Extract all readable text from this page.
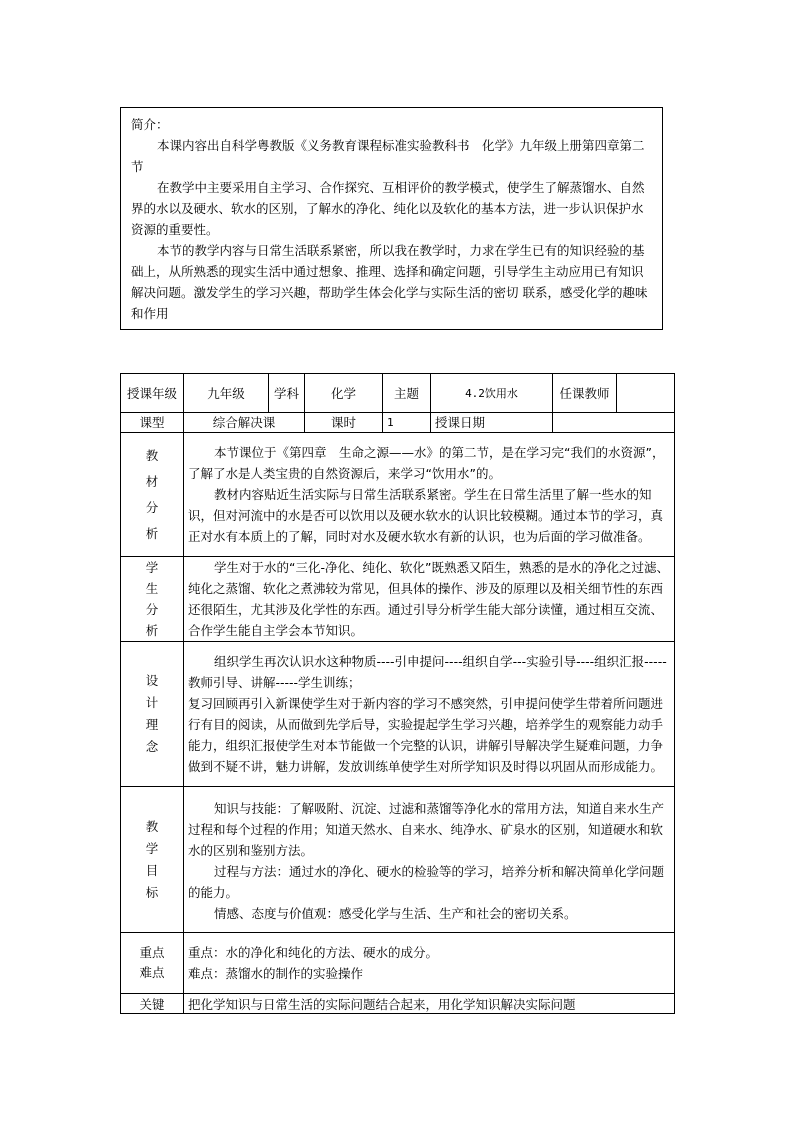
简介：

本课内容出自科学粤教版《义务教育课程标准实验教科书　化学》九年级上册第四章第二节

在教学中主要采用自主学习、合作探究、互相评价的教学模式，使学生了解蒸馏水、自然界的水以及硬水、软水的区别，了解水的净化、纯化以及软化的基本方法，进一步认识保护水资源的重要性。

本节的教学内容与日常生活联系紧密，所以我在教学时，力求在学生已有的知识经验的基础上，从所熟悉的现实生活中通过想象、推理、选择和确定问题，引导学生主动应用已有知识解决问题。激发学生的学习兴趣，帮助学生体会化学与实际生活的密切 联系，感受化学的趣味和作用

授课年级	九年级	学科	化学	主题	4.2饮用水	任课教师	
课型	综合解决课		课时	1	授课日期		
教材分析	本节课位于《第四章　生命之源——水》的第二节，是在学习完“我们的水资源”，了解了水是人类宝贵的自然资源后，来学习“饮用水”的。

教材内容贴近生活实际与日常生活联系紧密。学生在日常生活里了解一些水的知识，但对河流中的水是否可以饮用以及硬水软水的认识比较模糊。通过本节的学习，真正对水有本质上的了解，同时对水及硬水软水有新的认识，也为后面的学习做准备。						

学生分析	学生对于水的“三化-净化、纯化、软化”既熟悉又陌生，熟悉的是水的净化之过滤、纯化之蒸馏、软化之煮沸较为常见，但具体的操作、涉及的原理以及相关细节性的东西还很陌生，尤其涉及化学性的东西。通过引导分析学生能大部分读懂，通过相互交流、合作学生能自主学会本节知识。						

设计理念	组织学生再次认识水这种物质----引申提问----组织自学---实验引导----组织汇报-----教师引导、讲解-----学生训练；

复习回顾再引入新课使学生对于新内容的学习不感突然，引申提问使学生带着所问题进行有目的阅读，从而做到先学后导，实验提起学生学习兴趣，培养学生的观察能力动手能力，组织汇报使学生对本节能做一个完整的认识，讲解引导解决学生疑难问题，力争做到不疑不讲，魅力讲解，发放训练单使学生对所学知识及时得以巩固从而形成能力。						

教学目标	知识与技能：了解吸附、沉淀、过滤和蒸馏等净化水的常用方法，知道自来水生产过程和每个过程的作用；知道天然水、自来水、纯净水、矿泉水的区别，知道硬水和软水的区别和鉴别方法。

过程与方法：通过水的净化、硬水的检验等的学习，培养分析和解决简单化学问题的能力。

情感、态度与价值观：感受化学与生活、生产和社会的密切关系。						

重点难点	重点：水的净化和纯化的方法、硬水的成分。

难点：蒸馏水的制作的实验操作						

关键	把化学知识与日常生活的实际问题结合起来，用化学知识解决实际问题						
